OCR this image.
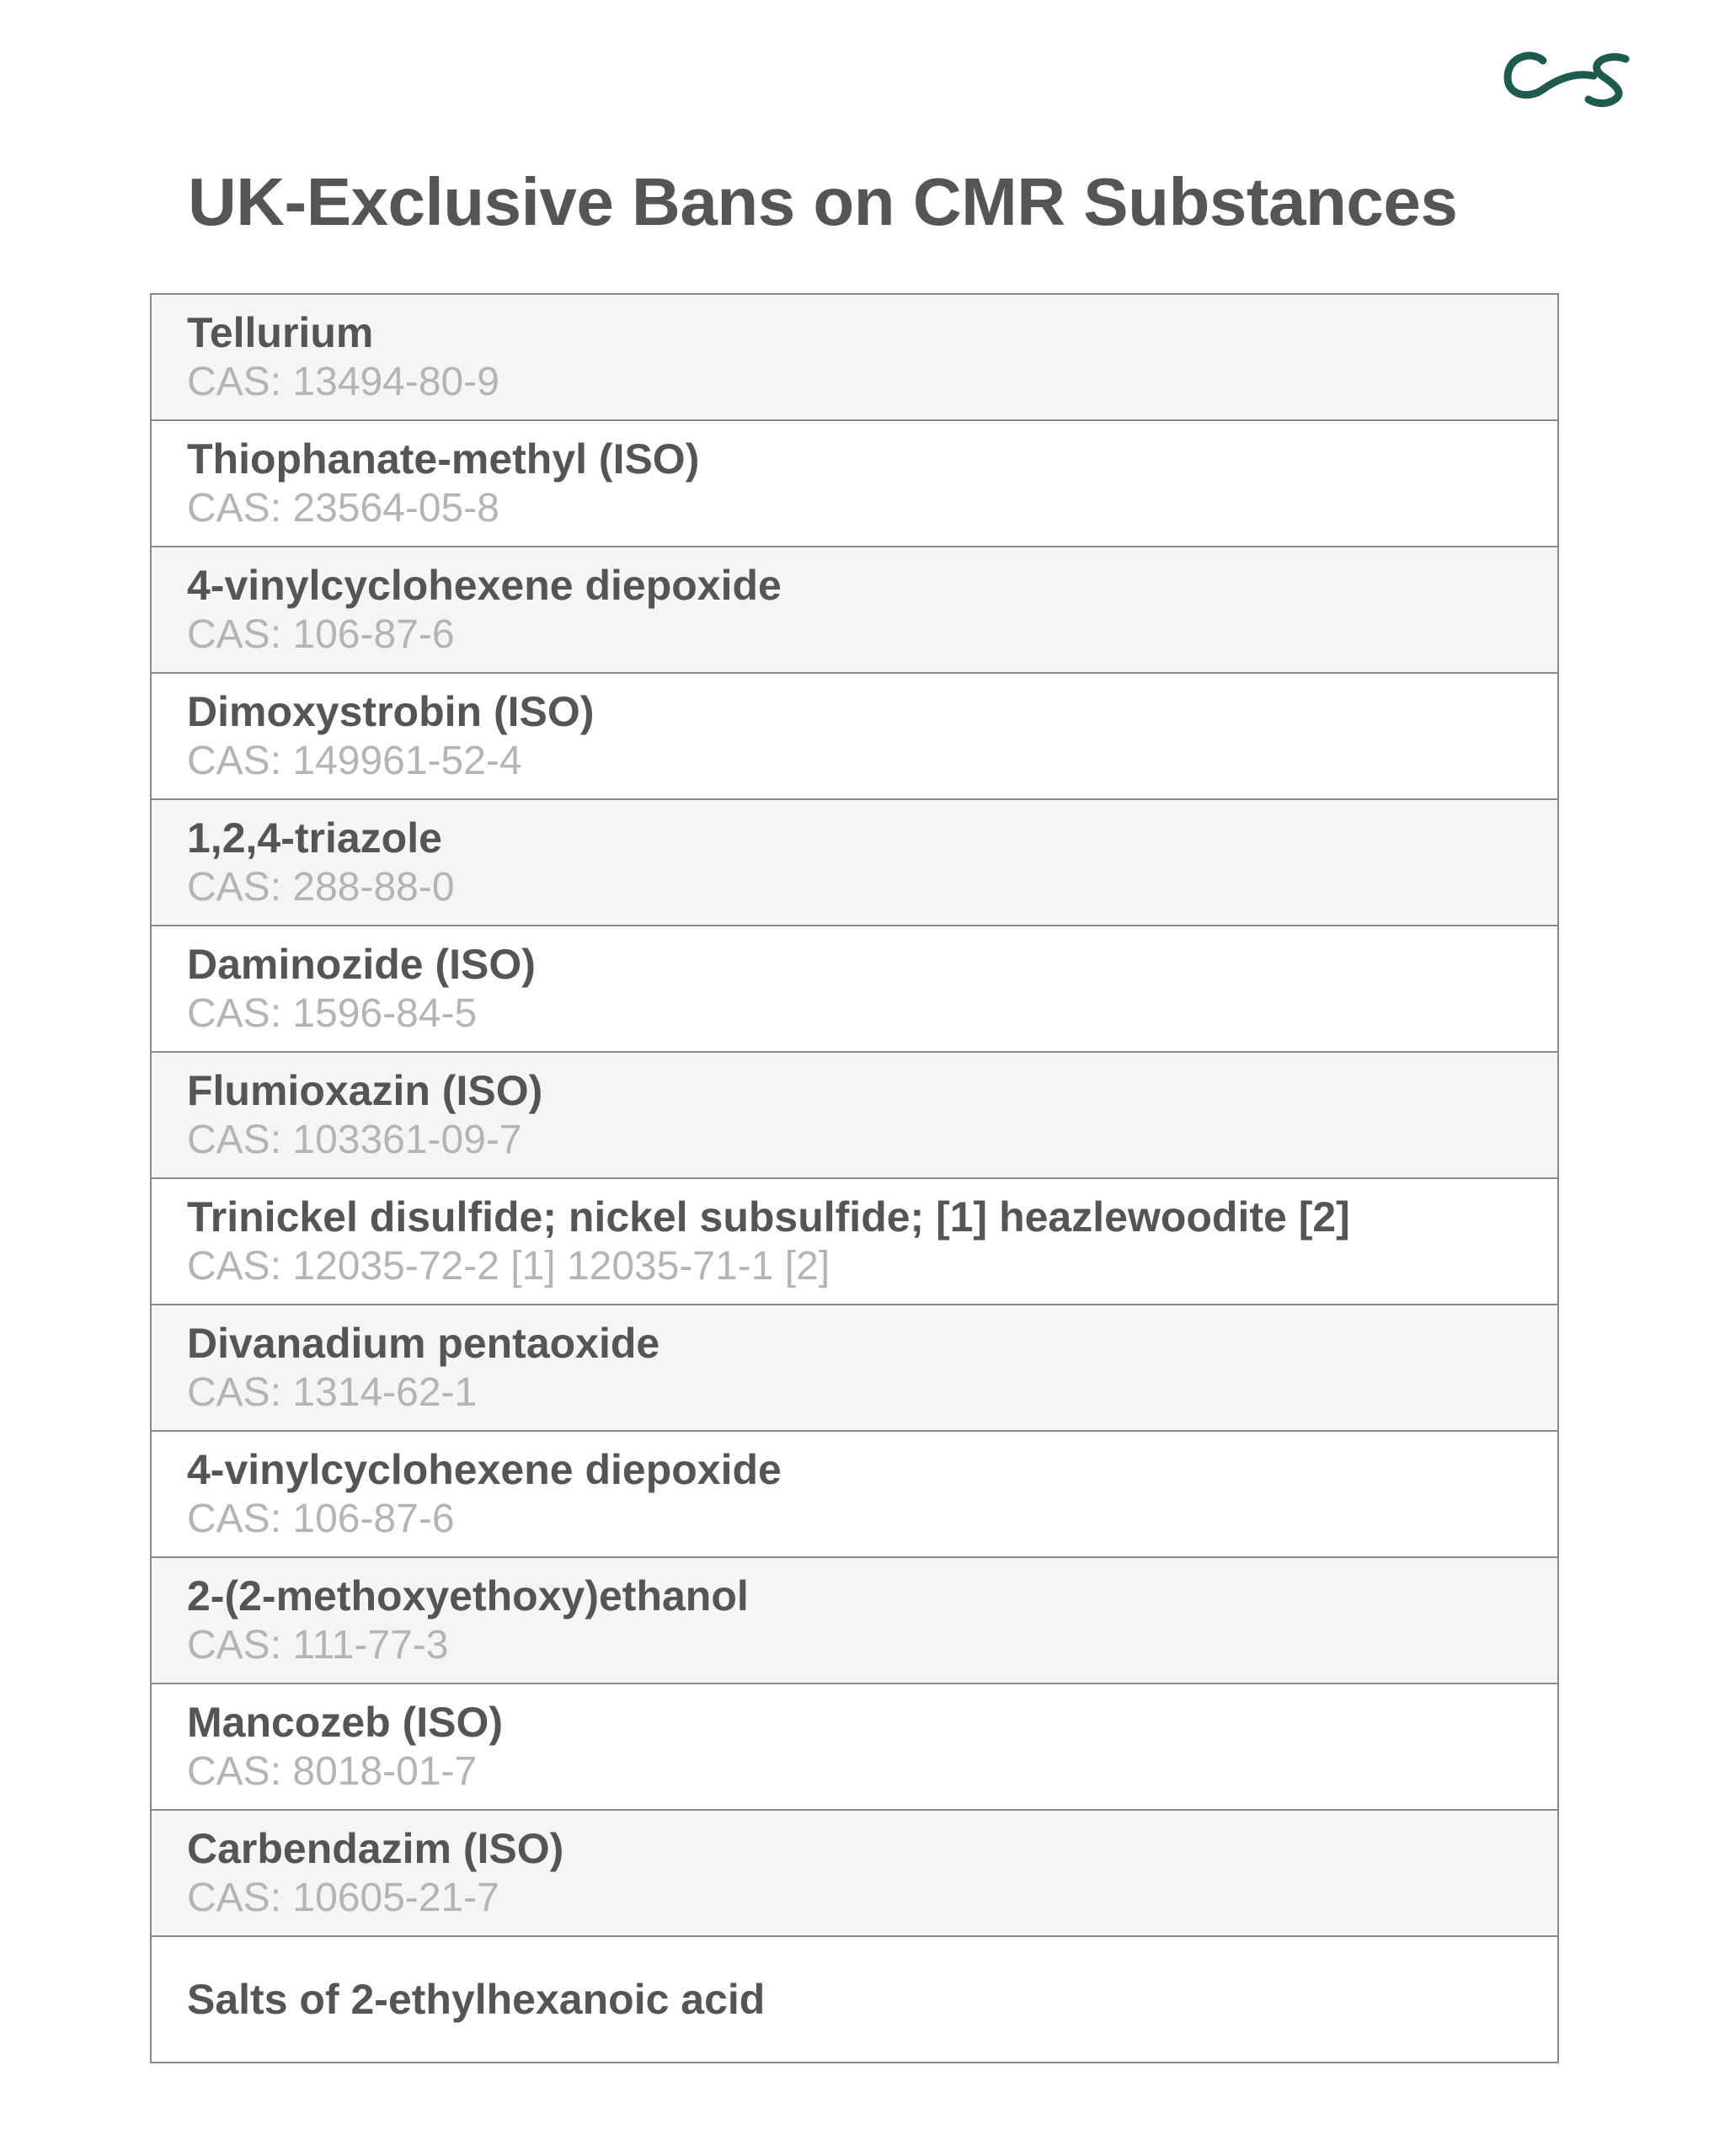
UK-Exclusive Bans on CMR Substances
Tellurium
CAS: 13494-80-9
Thiophanate-methyl (ISO)
CAS: 23564-05-8
4-vinylcyclohexene diepoxide
CAS: 106-87-6
Dimoxystrobin (ISO)
CAS: 149961-52-4
1,2,4-triazole
CAS: 288-88-0
Daminozide (ISO)
CAS: 1596-84-5
Flumioxazin (ISO)
CAS: 103361-09-7
Trinickel disulfide; nickel subsulfide; [1] heazlewoodite [2]
CAS: 12035-72-2 [1] 12035-71-1 [2]
Divanadium pentaoxide
CAS: 1314-62-1
4-vinylcyclohexene diepoxide
CAS: 106-87-6
2-(2-methoxyethoxy)ethanol
CAS: 111-77-3
Mancozeb (ISO)
CAS: 8018-01-7
Carbendazim (ISO)
CAS: 10605-21-7
Salts of 2-ethylhexanoic acid
